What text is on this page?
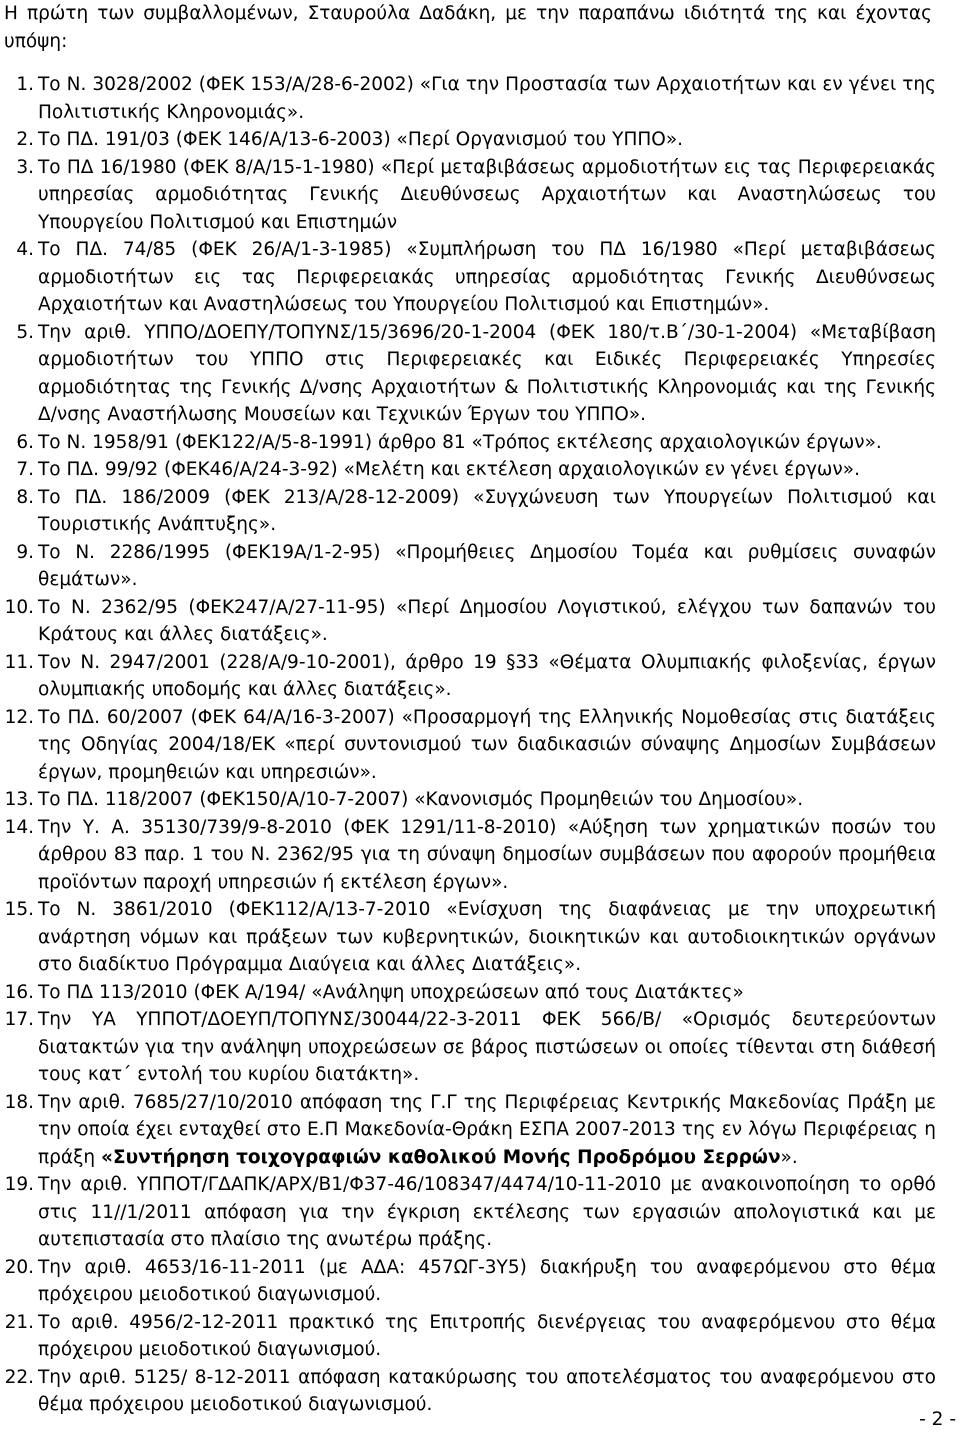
Η πρώτη των συμβαλλομένων, Σταυρούλα Δαδάκη, με την παραπάνω ιδιότητά της και έχοντας υπόψη:

1. Το Ν. 3028/2002 (ΦΕΚ 153/Α/28-6-2002) «Για την Προστασία των Αρχαιοτήτων και εν γένει της Πολιτιστικής Κληρονομιάς».
2. Το ΠΔ. 191/03 (ΦΕΚ 146/Α/13-6-2003) «Περί Οργανισμού του ΥΠΠΟ».
3. Το ΠΔ 16/1980 (ΦΕΚ 8/Α/15-1-1980) «Περί μεταβιβάσεως αρμοδιοτήτων εις τας Περιφερειακάς υπηρεσίας αρμοδιότητας Γενικής Διευθύνσεως Αρχαιοτήτων και Αναστηλώσεως του Υπουργείου Πολιτισμού και Επιστημών
4. Το ΠΔ. 74/85 (ΦΕΚ 26/Α/1-3-1985) «Συμπλήρωση του ΠΔ 16/1980 «Περί μεταβιβάσεως αρμοδιοτήτων εις τας Περιφερειακάς υπηρεσίας αρμοδιότητας Γενικής Διευθύνσεως Αρχαιοτήτων και Αναστηλώσεως του Υπουργείου Πολιτισμού και Επιστημών».
5. Την αριθ. ΥΠΠΟ/ΔΟΕΠΥ/ΤΟΠΥΝΣ/15/3696/20-1-2004 (ΦΕΚ 180/τ.Β΄/30-1-2004) «Μεταβίβαση αρμοδιοτήτων του ΥΠΠΟ στις Περιφερειακές και Ειδικές Περιφερειακές Υπηρεσίες αρμοδιότητας της Γενικής Δ/νσης Αρχαιοτήτων & Πολιτιστικής Κληρονομιάς και της Γενικής Δ/νσης Αναστήλωσης Μουσείων και Τεχνικών Έργων του ΥΠΠΟ».
6. Το Ν. 1958/91 (ΦΕΚ122/Α/5-8-1991) άρθρο 81 «Τρόπος εκτέλεσης αρχαιολογικών έργων».
7. Το ΠΔ. 99/92 (ΦΕΚ46/Α/24-3-92) «Μελέτη και εκτέλεση αρχαιολογικών εν γένει έργων».
8. Το ΠΔ. 186/2009 (ΦΕΚ 213/Α/28-12-2009) «Συγχώνευση των Υπουργείων Πολιτισμού και Τουριστικής Ανάπτυξης».
9. Το Ν. 2286/1995 (ΦΕΚ19Α/1-2-95) «Προμήθειες Δημοσίου Τομέα και ρυθμίσεις συναφών θεμάτων».
10. Το Ν. 2362/95 (ΦΕΚ247/Α/27-11-95) «Περί Δημοσίου Λογιστικού, ελέγχου των δαπανών του Κράτους και άλλες διατάξεις».
11. Τον Ν. 2947/2001 (228/Α/9-10-2001), άρθρο 19 §33 «Θέματα Ολυμπιακής φιλοξενίας, έργων ολυμπιακής υποδομής και άλλες διατάξεις».
12. Το ΠΔ. 60/2007 (ΦΕΚ 64/Α/16-3-2007) «Προσαρμογή της Ελληνικής Νομοθεσίας στις διατάξεις της Οδηγίας 2004/18/ΕΚ «περί συντονισμού των διαδικασιών σύναψης Δημοσίων Συμβάσεων έργων, προμηθειών και υπηρεσιών».
13. Το ΠΔ. 118/2007 (ΦΕΚ150/Α/10-7-2007) «Κανονισμός Προμηθειών του Δημοσίου».
14. Την Υ. Α. 35130/739/9-8-2010 (ΦΕΚ 1291/11-8-2010) «Αύξηση των χρηματικών ποσών του άρθρου 83 παρ. 1 του Ν. 2362/95 για τη σύναψη δημοσίων συμβάσεων που αφορούν προμήθεια προϊόντων παροχή υπηρεσιών ή εκτέλεση έργων».
15. Το Ν. 3861/2010 (ΦΕΚ112/Α/13-7-2010 «Ενίσχυση της διαφάνειας με την υποχρεωτική ανάρτηση νόμων και πράξεων των κυβερνητικών, διοικητικών και αυτοδιοικητικών οργάνων στο διαδίκτυο Πρόγραμμα Διαύγεια και άλλες Διατάξεις».
16. Το ΠΔ 113/2010 (ΦΕΚ Α/194/ «Ανάληψη υποχρεώσεων από τους Διατάκτες»
17. Την ΥΑ ΥΠΠΟΤ/ΔΟΕΥΠ/ΤΟΠΥΝΣ/30044/22-3-2011 ΦΕΚ 566/Β/ «Ορισμός δευτερεύοντων διατακτών για την ανάληψη υποχρεώσεων σε βάρος πιστώσεων οι οποίες τίθενται στη διάθεσή τους κατ΄ εντολή του κυρίου διατάκτη».
18. Την αριθ. 7685/27/10/2010 απόφαση της Γ.Γ της Περιφέρειας Κεντρικής Μακεδονίας Πράξη με την οποία έχει ενταχθεί στο Ε.Π Μακεδονία-Θράκη ΕΣΠΑ 2007-2013 της εν λόγω Περιφέρειας η πράξη «Συντήρηση τοιχογραφιών καθολικού Μονής Προδρόμου Σερρών».
19. Την αριθ. ΥΠΠΟΤ/ΓΔΑΠΚ/ΑΡΧ/Β1/Φ37-46/108347/4474/10-11-2010 με ανακοινοποίηση το ορθό στις 11//1/2011 απόφαση για την έγκριση εκτέλεσης των εργασιών απολογιστικά και με αυτεπιστασία στο πλαίσιο της ανωτέρω πράξης.
20. Την αριθ. 4653/16-11-2011 (με ΑΔΑ: 457ΩΓ-3Υ5) διακήρυξη του αναφερόμενου στο θέμα πρόχειρου μειοδοτικού διαγωνισμού.
21. Το αριθ. 4956/2-12-2011 πρακτικό της Επιτροπής διενέργειας του αναφερόμενου στο θέμα πρόχειρου μειοδοτικού διαγωνισμού.
22. Την αριθ. 5125/ 8-12-2011 απόφαση κατακύρωσης του αποτελέσματος του αναφερόμενου στο θέμα πρόχειρου μειοδοτικού διαγωνισμού.
- 2 -
